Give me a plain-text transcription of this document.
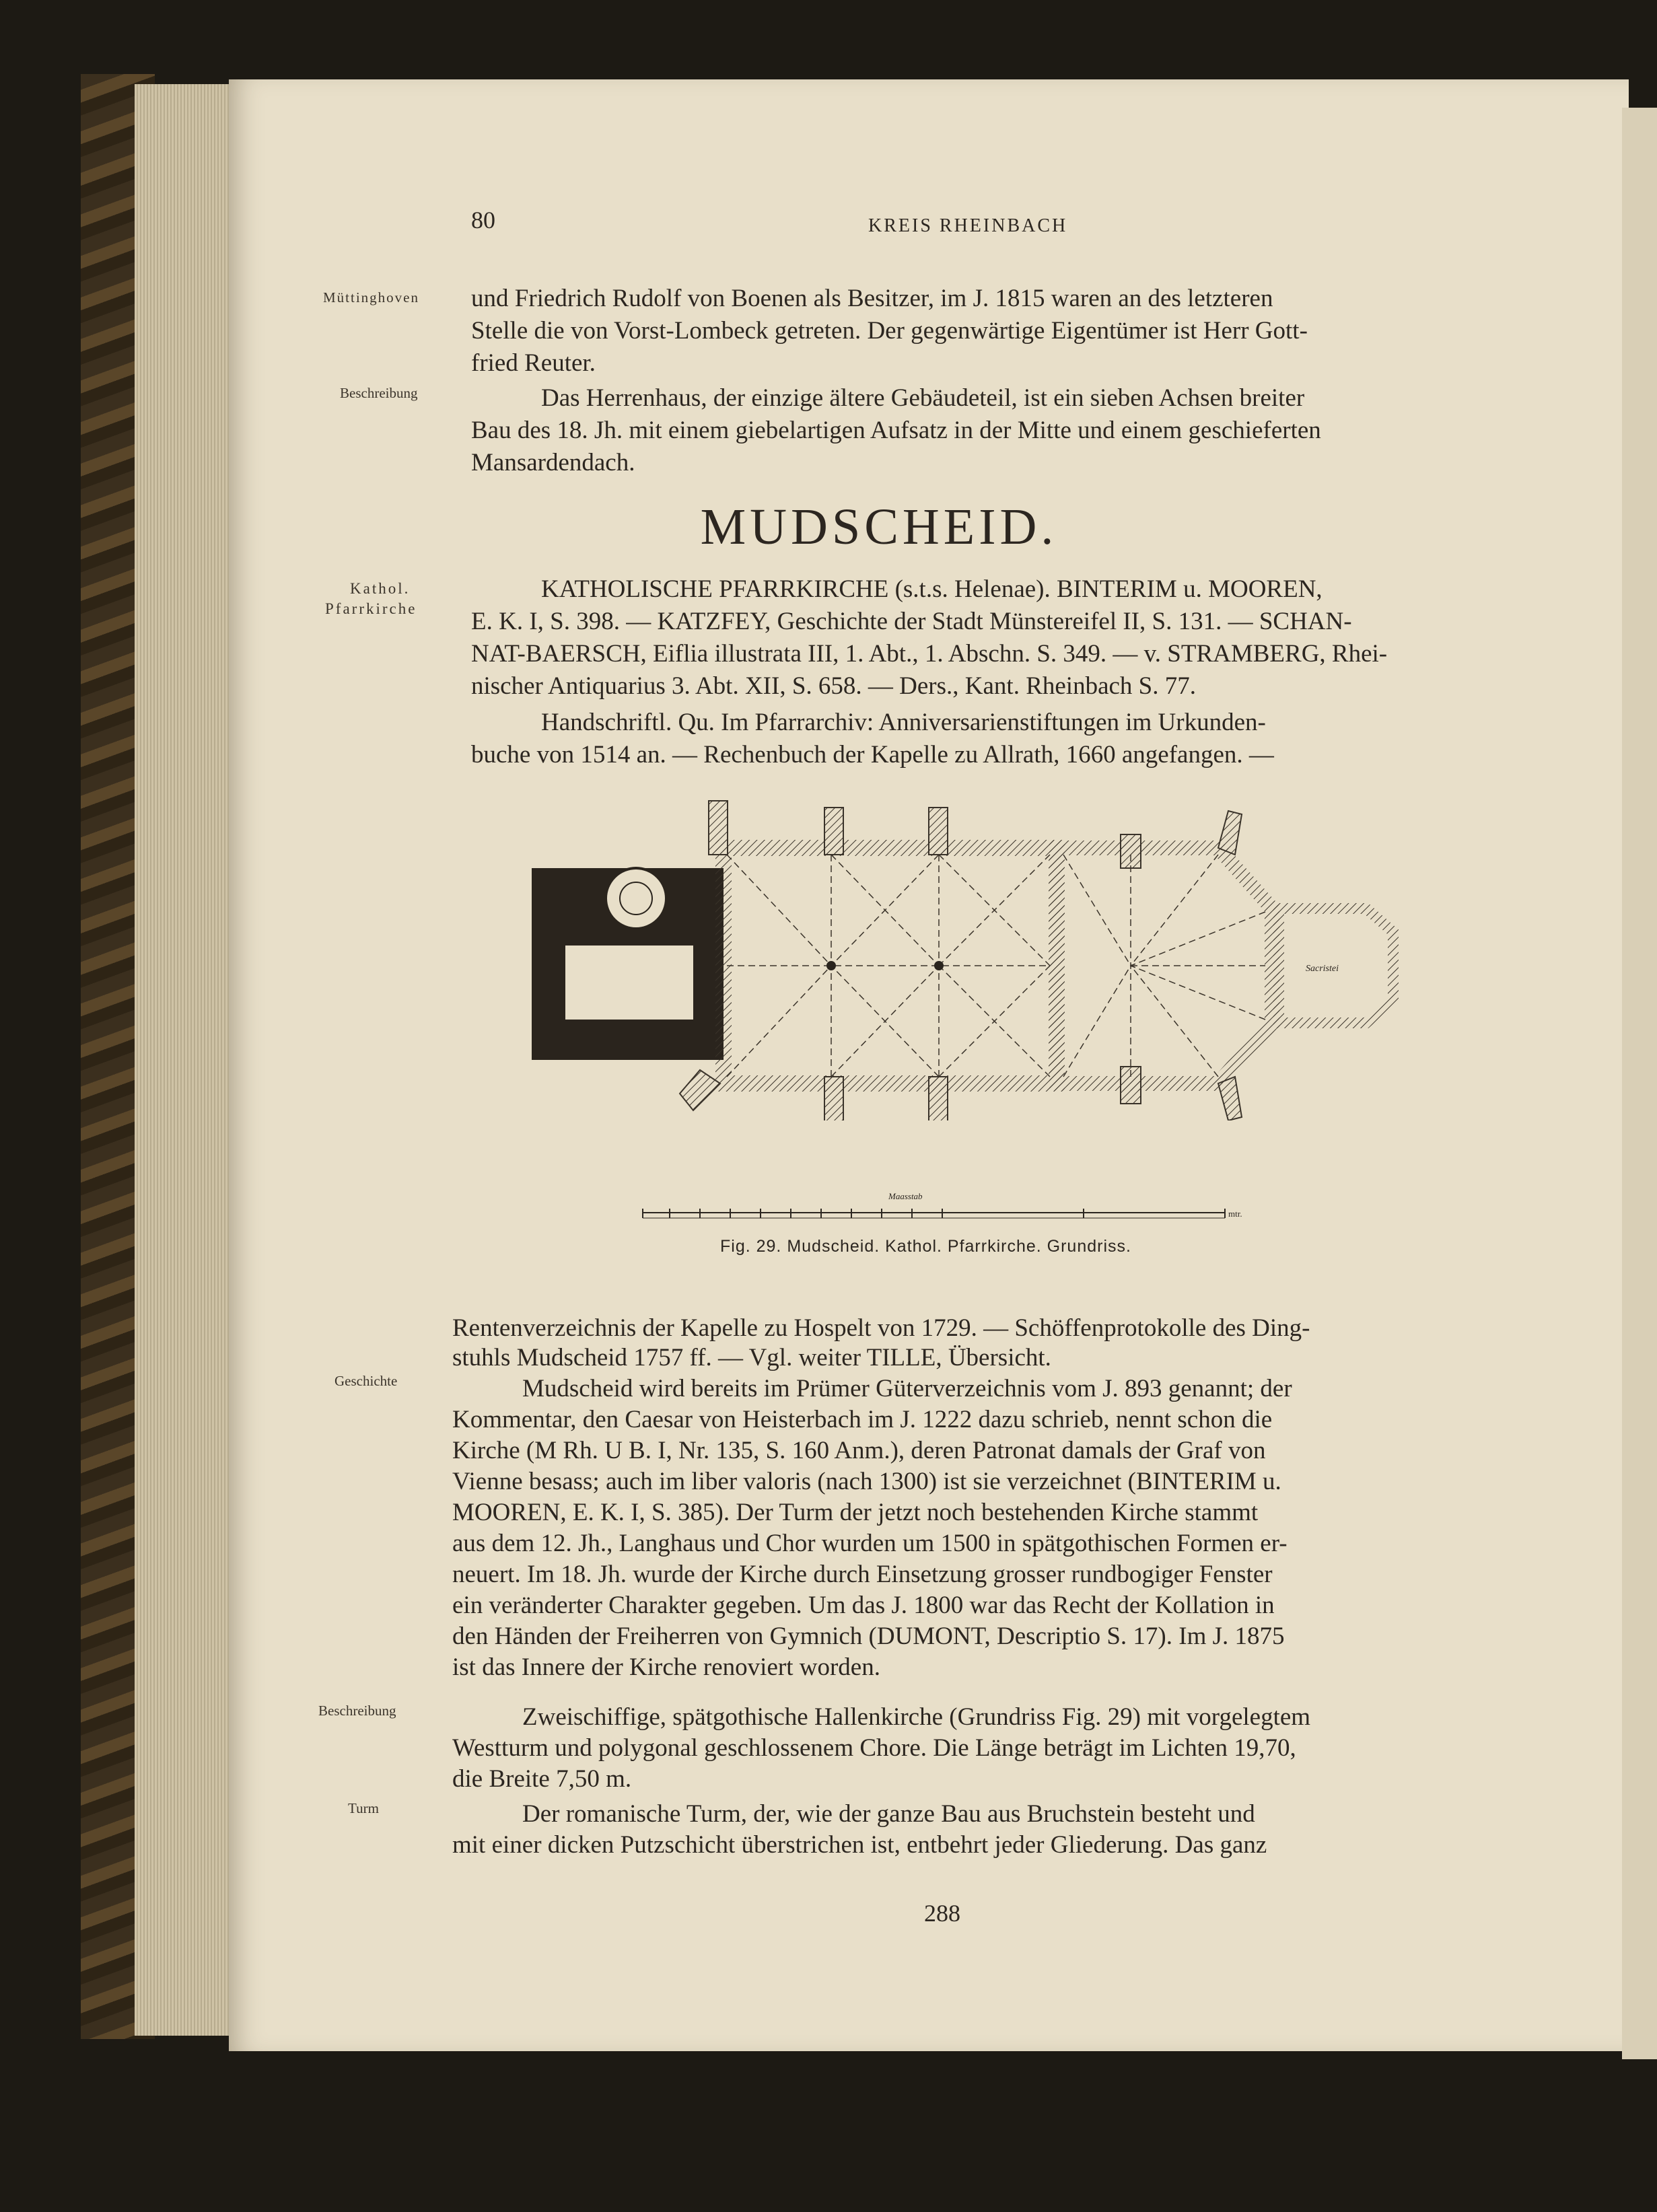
80	KREIS RHEINBACH
Müttinghoven
Beschreibung
Kathol.
Pfarrkirche
Geschichte
Beschreibung
Turm
und Friedrich Rudolf von Boenen als Besitzer, im J. 1815 waren an des letzteren
Stelle die von Vorst-Lombeck getreten. Der gegenwärtige Eigentümer ist Herr Gott-
fried Reuter.
Das Herrenhaus, der einzige ältere Gebäudeteil, ist ein sieben Achsen breiter
Bau des 18. Jh. mit einem giebelartigen Aufsatz in der Mitte und einem geschieferten
Mansardendach.
MUDSCHEID.
KATHOLISCHE PFARRKIRCHE (s.t.s. Helenae). BINTERIM u. MOOREN,
E. K. I, S. 398. — KATZFEY, Geschichte der Stadt Münstereifel II, S. 131. — SCHAN-
NAT-BAERSCH, Eiflia illustrata III, 1. Abt., 1. Abschn. S. 349. — v. STRAMBERG, Rhei-
nischer Antiquarius 3. Abt. XII, S. 658. — Ders., Kant. Rheinbach S. 77.
Handschriftl. Qu. Im Pfarrarchiv: Anniversarienstiftungen im Urkunden-
buche von 1514 an. — Rechenbuch der Kapelle zu Allrath, 1660 angefangen. —
Sacristei
Maasstab
mtr.
Fig. 29. Mudscheid. Kathol. Pfarrkirche. Grundriss.
Rentenverzeichnis der Kapelle zu Hospelt von 1729. — Schöffenprotokolle des Ding-
stuhls Mudscheid 1757 ff. — Vgl. weiter TILLE, Übersicht.
Mudscheid wird bereits im Prümer Güterverzeichnis vom J. 893 genannt; der
Kommentar, den Caesar von Heisterbach im J. 1222 dazu schrieb, nennt schon die
Kirche (M Rh. U B. I, Nr. 135, S. 160 Anm.), deren Patronat damals der Graf von
Vienne besass; auch im liber valoris (nach 1300) ist sie verzeichnet (BINTERIM u.
MOOREN, E. K. I, S. 385). Der Turm der jetzt noch bestehenden Kirche stammt
aus dem 12. Jh., Langhaus und Chor wurden um 1500 in spätgothischen Formen er-
neuert. Im 18. Jh. wurde der Kirche durch Einsetzung grosser rundbogiger Fenster
ein veränderter Charakter gegeben. Um das J. 1800 war das Recht der Kollation in
den Händen der Freiherren von Gymnich (DUMONT, Descriptio S. 17). Im J. 1875
ist das Innere der Kirche renoviert worden.
Zweischiffige, spätgothische Hallenkirche (Grundriss Fig. 29) mit vorgelegtem
Westturm und polygonal geschlossenem Chore. Die Länge beträgt im Lichten 19,70,
die Breite 7,50 m.
Der romanische Turm, der, wie der ganze Bau aus Bruchstein besteht und
mit einer dicken Putzschicht überstrichen ist, entbehrt jeder Gliederung. Das ganz
288
